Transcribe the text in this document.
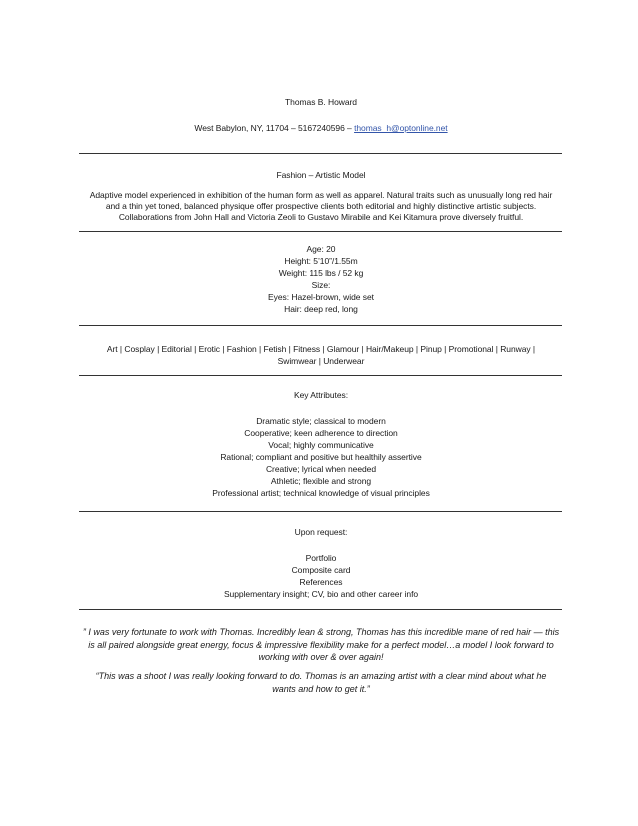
Thomas B. Howard
West Babylon, NY, 11704 – 5167240596 – thomas_h@optonline.net
Fashion – Artistic Model
Adaptive model experienced in exhibition of the human form as well as apparel. Natural traits such as unusually long red hair
and a thin yet toned, balanced physique offer prospective clients both editorial and highly distinctive artistic subjects.
Collaborations from John Hall and Victoria Zeoli to Gustavo Mirabile and Kei Kitamura prove diversely fruitful.
Age: 20
Height: 5’10”/1.55m
Weight: 115 lbs / 52 kg
Size:
Eyes: Hazel-brown, wide set
Hair: deep red, long
Art | Cosplay | Editorial | Erotic | Fashion | Fetish | Fitness | Glamour | Hair/Makeup | Pinup | Promotional | Runway |
Swimwear | Underwear
Key Attributes:
Dramatic style; classical to modern
Cooperative; keen adherence to direction
Vocal; highly communicative
Rational; compliant and positive but healthily assertive
Creative; lyrical when needed
Athletic; flexible and strong
Professional artist; technical knowledge of visual principles
Upon request:
Portfolio
Composite card
References
Supplementary insight; CV, bio and other career info
” I was very fortunate to work with Thomas. Incredibly lean & strong, Thomas has this incredible mane of red hair — this is all paired alongside great energy, focus & impressive flexibility make for a perfect model…a model I look forward to working with over & over again!
“This was a shoot I was really looking forward to do. Thomas is an amazing artist with a clear mind about what he wants and how to get it.”
